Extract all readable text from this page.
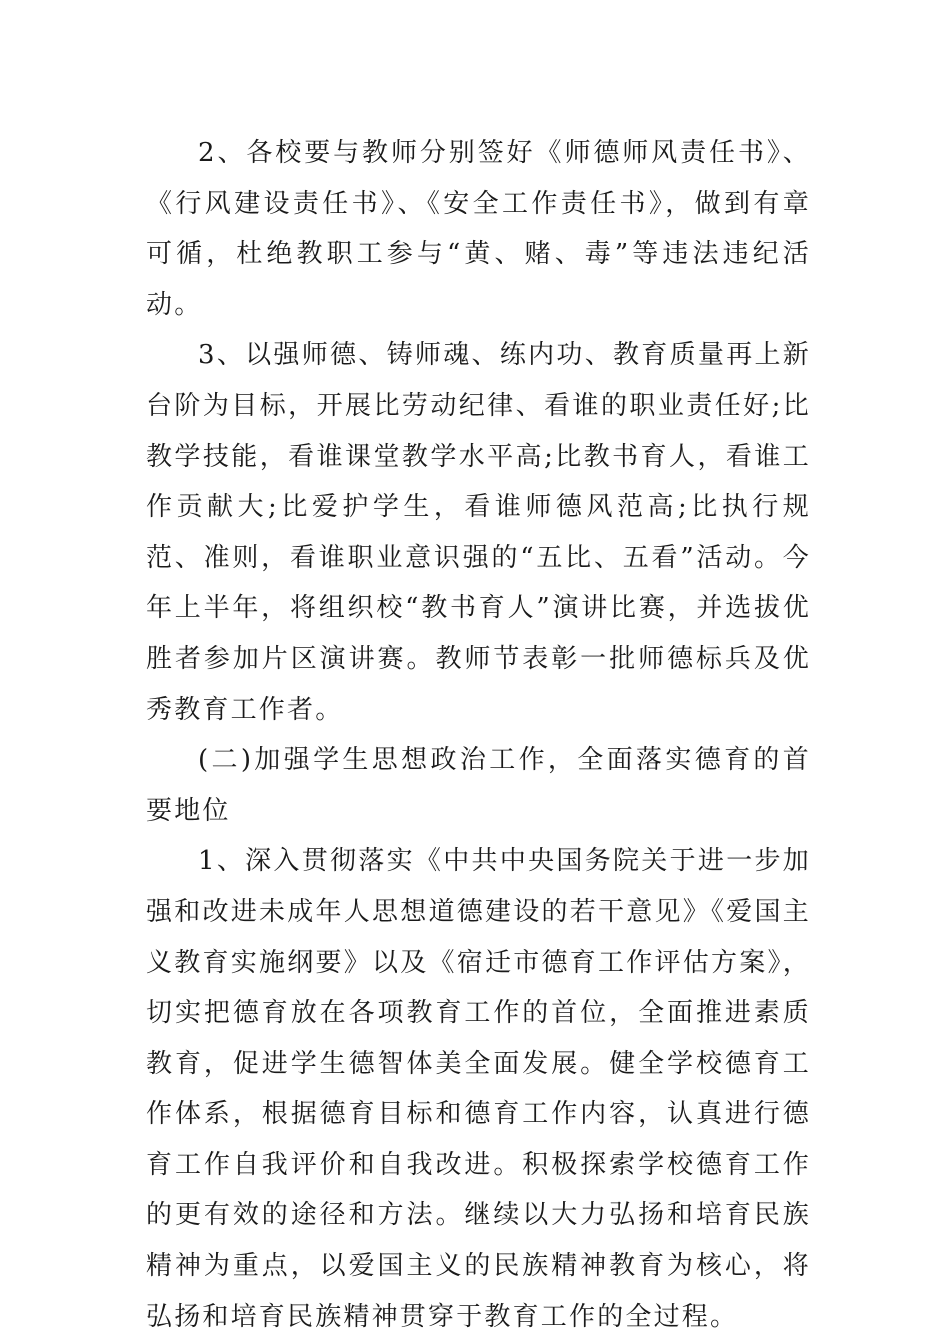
2、各校要与教师分别签好《师德师风责任书》、《行风建设责任书》、《安全工作责任书》，做到有章可循，杜绝教职工参与“黄、赌、毒”等违法违纪活动。

3、以强师德、铸师魂、练内功、教育质量再上新台阶为目标，开展比劳动纪律、看谁的职业责任好;比教学技能，看谁课堂教学水平高;比教书育人，看谁工作贡献大;比爱护学生，看谁师德风范高;比执行规范、准则，看谁职业意识强的“五比、五看”活动。今年上半年，将组织校“教书育人”演讲比赛，并选拔优胜者参加片区演讲赛。教师节表彰一批师德标兵及优秀教育工作者。

(二)加强学生思想政治工作，全面落实德育的首要地位

1、深入贯彻落实《中共中央国务院关于进一步加强和改进未成年人思想道德建设的若干意见》《爱国主义教育实施纲要》以及《宿迁市德育工作评估方案》，切实把德育放在各项教育工作的首位，全面推进素质教育，促进学生德智体美全面发展。健全学校德育工作体系，根据德育目标和德育工作内容，认真进行德育工作自我评价和自我改进。积极探索学校德育工作的更有效的途径和方法。继续以大力弘扬和培育民族精神为重点，以爱国主义的民族精神教育为核心，将弘扬和培育民族精神贯穿于教育工作的全过程。
